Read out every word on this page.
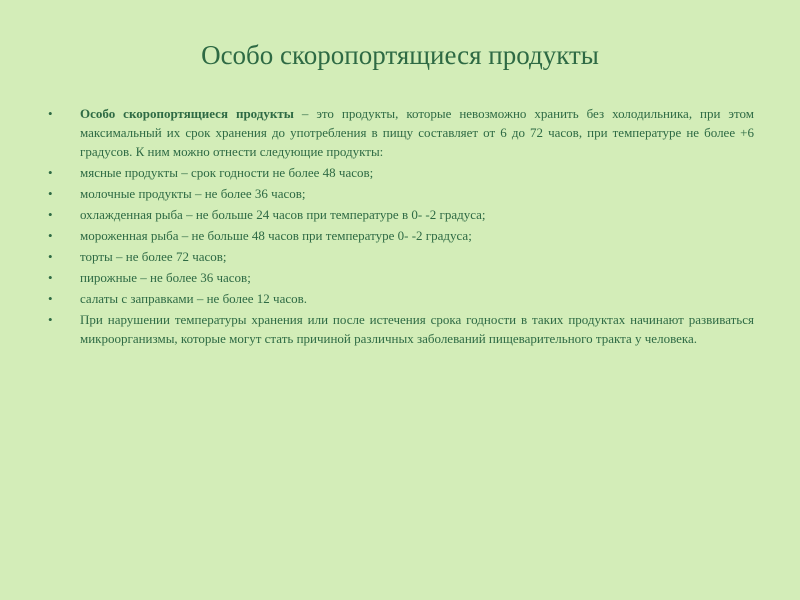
Особо скоропортящиеся продукты
•	Особо скоропортящиеся продукты – это продукты, которые невозможно хранить без холодильника, при этом максимальный их срок хранения до употребления в пищу составляет от 6 до 72 часов, при температуре не более +6 градусов. К ним можно отнести следующие продукты:
•	мясные продукты – срок годности не более 48 часов;
•	молочные продукты – не более 36 часов;
•	охлажденная рыба – не больше 24 часов при температуре в 0- -2 градуса;
•	мороженная рыба – не больше 48 часов при температуре 0- -2 градуса;
•	торты – не более 72 часов;
•	пирожные – не более 36 часов;
•	салаты с заправками – не более 12 часов.
•	При нарушении температуры хранения или после истечения срока годности в таких продуктах начинают развиваться микроорганизмы, которые могут стать причиной различных заболеваний пищеварительного тракта у человека.
